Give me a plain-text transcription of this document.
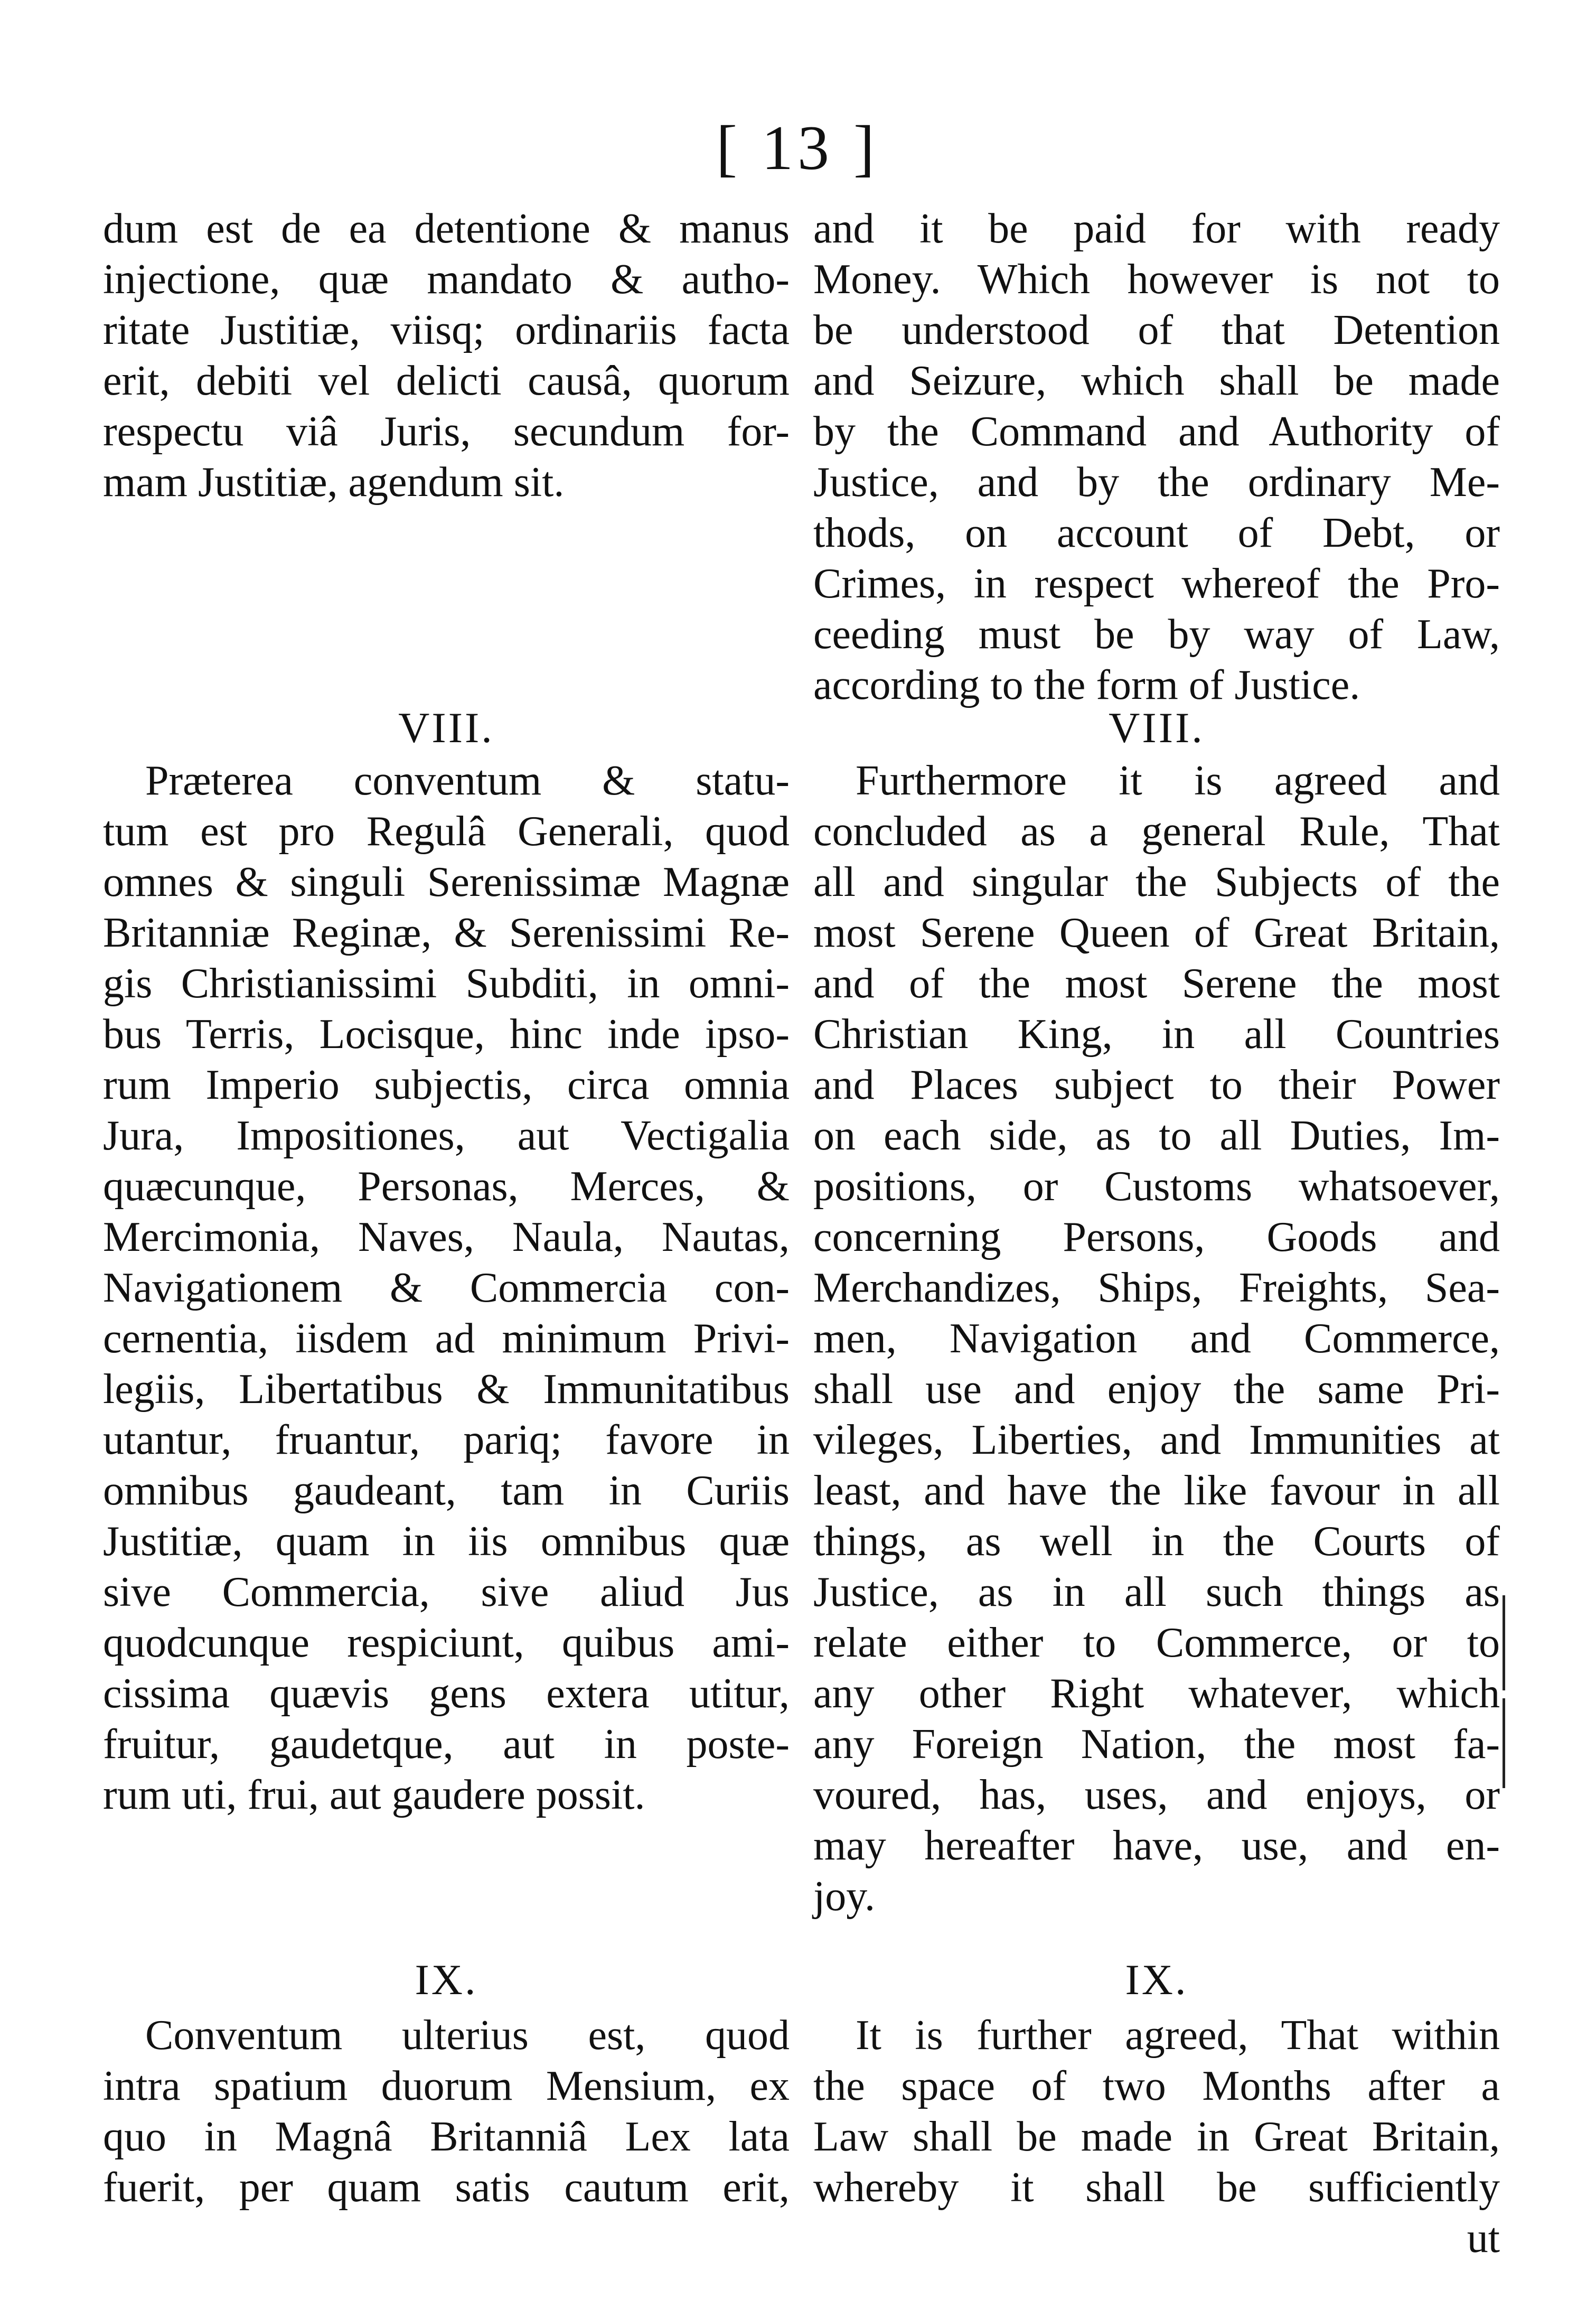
[ 13 ]
dum est de ea detentione & manus
injectione, quæ mandato & autho-
ritate Justitiæ, viisq; ordinariis facta
erit, debiti vel delicti causâ, quorum
respectu viâ Juris, secundum for-
mam Justitiæ, agendum sit.
and it be paid for with ready
Money. Which however is not to
be understood of that Detention
and Seizure, which shall be made
by the Command and Authority of
Justice, and by the ordinary Me-
thods, on account of Debt, or
Crimes, in respect whereof the Pro-
ceeding must be by way of Law,
according to the form of Justice.
VIII.	VIII.
Præterea conventum & statu-
tum est pro Regulâ Generali, quod
omnes & singuli Serenissimæ Magnæ
Britanniæ Reginæ, & Serenissimi Re-
gis Christianissimi Subditi, in omni-
bus Terris, Locisque, hinc inde ipso-
rum Imperio subjectis, circa omnia
Jura, Impositiones, aut Vectigalia
quæcunque, Personas, Merces, &
Mercimonia, Naves, Naula, Nautas,
Navigationem & Commercia con-
cernentia, iisdem ad minimum Privi-
legiis, Libertatibus & Immunitatibus
utantur, fruantur, pariq; favore in
omnibus gaudeant, tam in Curiis
Justitiæ, quam in iis omnibus quæ
sive Commercia, sive aliud Jus
quodcunque respiciunt, quibus ami-
cissima quævis gens extera utitur,
fruitur, gaudetque, aut in poste-
rum uti, frui, aut gaudere possit.
Furthermore it is agreed and
concluded as a general Rule, That
all and singular the Subjects of the
most Serene Queen of Great Britain,
and of the most Serene the most
Christian King, in all Countries
and Places subject to their Power
on each side, as to all Duties, Im-
positions, or Customs whatsoever,
concerning Persons, Goods and
Merchandizes, Ships, Freights, Sea-
men, Navigation and Commerce,
shall use and enjoy the same Pri-
vileges, Liberties, and Immunities at
least, and have the like favour in all
things, as well in the Courts of
Justice, as in all such things as
relate either to Commerce, or to
any other Right whatever, which
any Foreign Nation, the most fa-
voured, has, uses, and enjoys, or
may hereafter have, use, and en-
joy.
IX.	IX.
Conventum ulterius est, quod
intra spatium duorum Mensium, ex
quo in Magnâ Britanniâ Lex lata
fuerit, per quam satis cautum erit,
It is further agreed, That within
the space of two Months after a
Law shall be made in Great Britain,
whereby it shall be sufficiently
ut
